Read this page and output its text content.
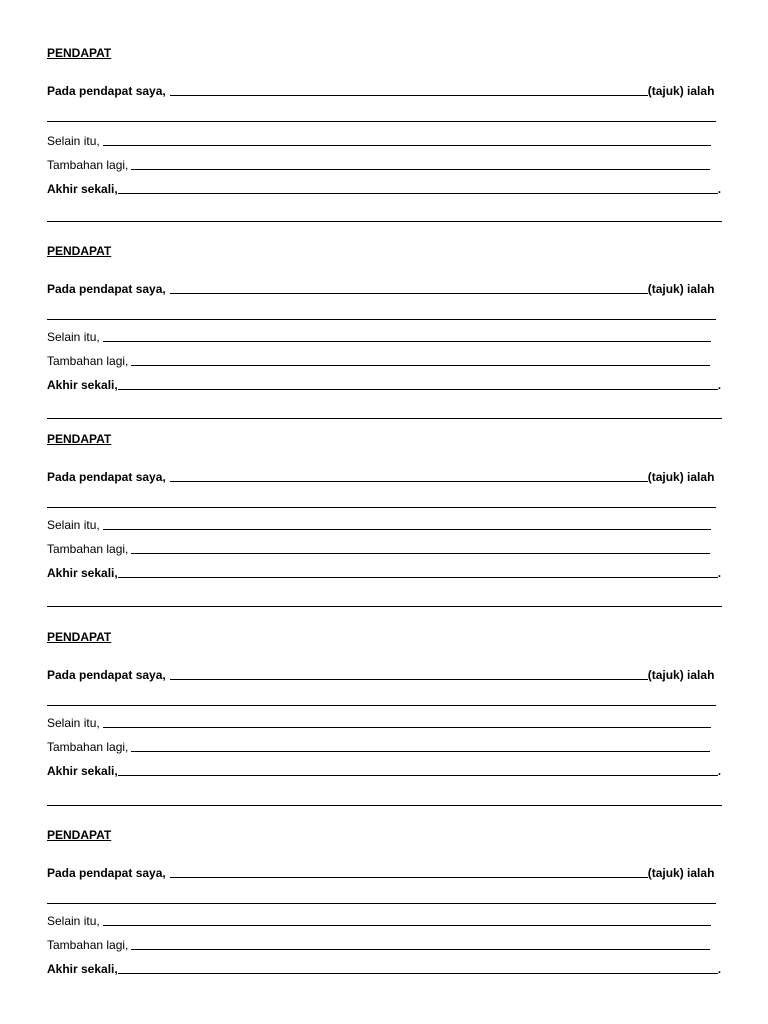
PENDAPAT
Pada pendapat saya,	(tajuk) ialah
Selain itu,
Tambahan lagi,
Akhir sekali,	.
PENDAPAT
Pada pendapat saya,	(tajuk) ialah
Selain itu,
Tambahan lagi,
Akhir sekali,	.
PENDAPAT
Pada pendapat saya,	(tajuk) ialah
Selain itu,
Tambahan lagi,
Akhir sekali,	.
PENDAPAT
Pada pendapat saya,	(tajuk) ialah
Selain itu,
Tambahan lagi,
Akhir sekali,	.
PENDAPAT
Pada pendapat saya,	(tajuk) ialah
Selain itu,
Tambahan lagi,
Akhir sekali,	.
